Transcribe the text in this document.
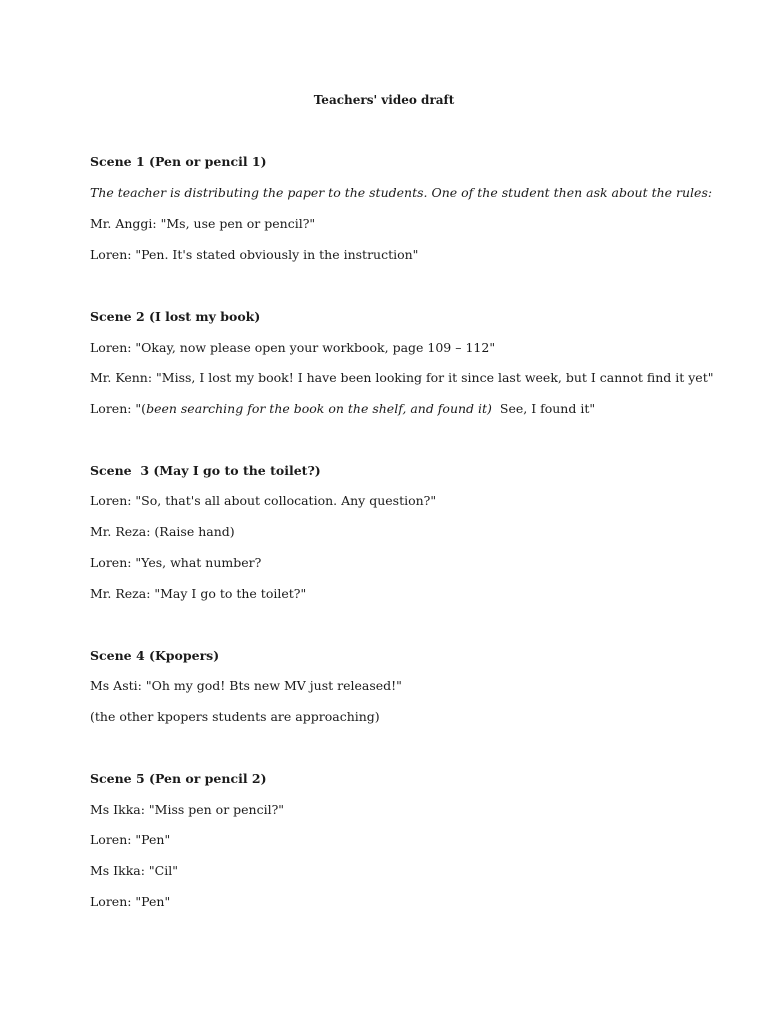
Teachers' video draft

Scene 1 (Pen or pencil 1)

The teacher is distributing the paper to the students. One of the student then ask about the rules:

Mr. Anggi: "Ms, use pen or pencil?"

Loren: "Pen. It's stated obviously in the instruction"

Scene 2 (I lost my book)

Loren: "Okay, now please open your workbook, page 109 – 112"

Mr. Kenn: "Miss, I lost my book! I have been looking for it since last week, but I cannot find it yet"

Loren: "(been searching for the book on the shelf, and found it)  See, I found it"

Scene  3 (May I go to the toilet?)

Loren: "So, that's all about collocation. Any question?"

Mr. Reza: (Raise hand)

Loren: "Yes, what number?

Mr. Reza: "May I go to the toilet?"

Scene 4 (Kpopers)

Ms Asti: "Oh my god! Bts new MV just released!"

(the other kpopers students are approaching)

Scene 5 (Pen or pencil 2)

Ms Ikka: "Miss pen or pencil?"

Loren: "Pen"

Ms Ikka: "Cil"

Loren: "Pen"
